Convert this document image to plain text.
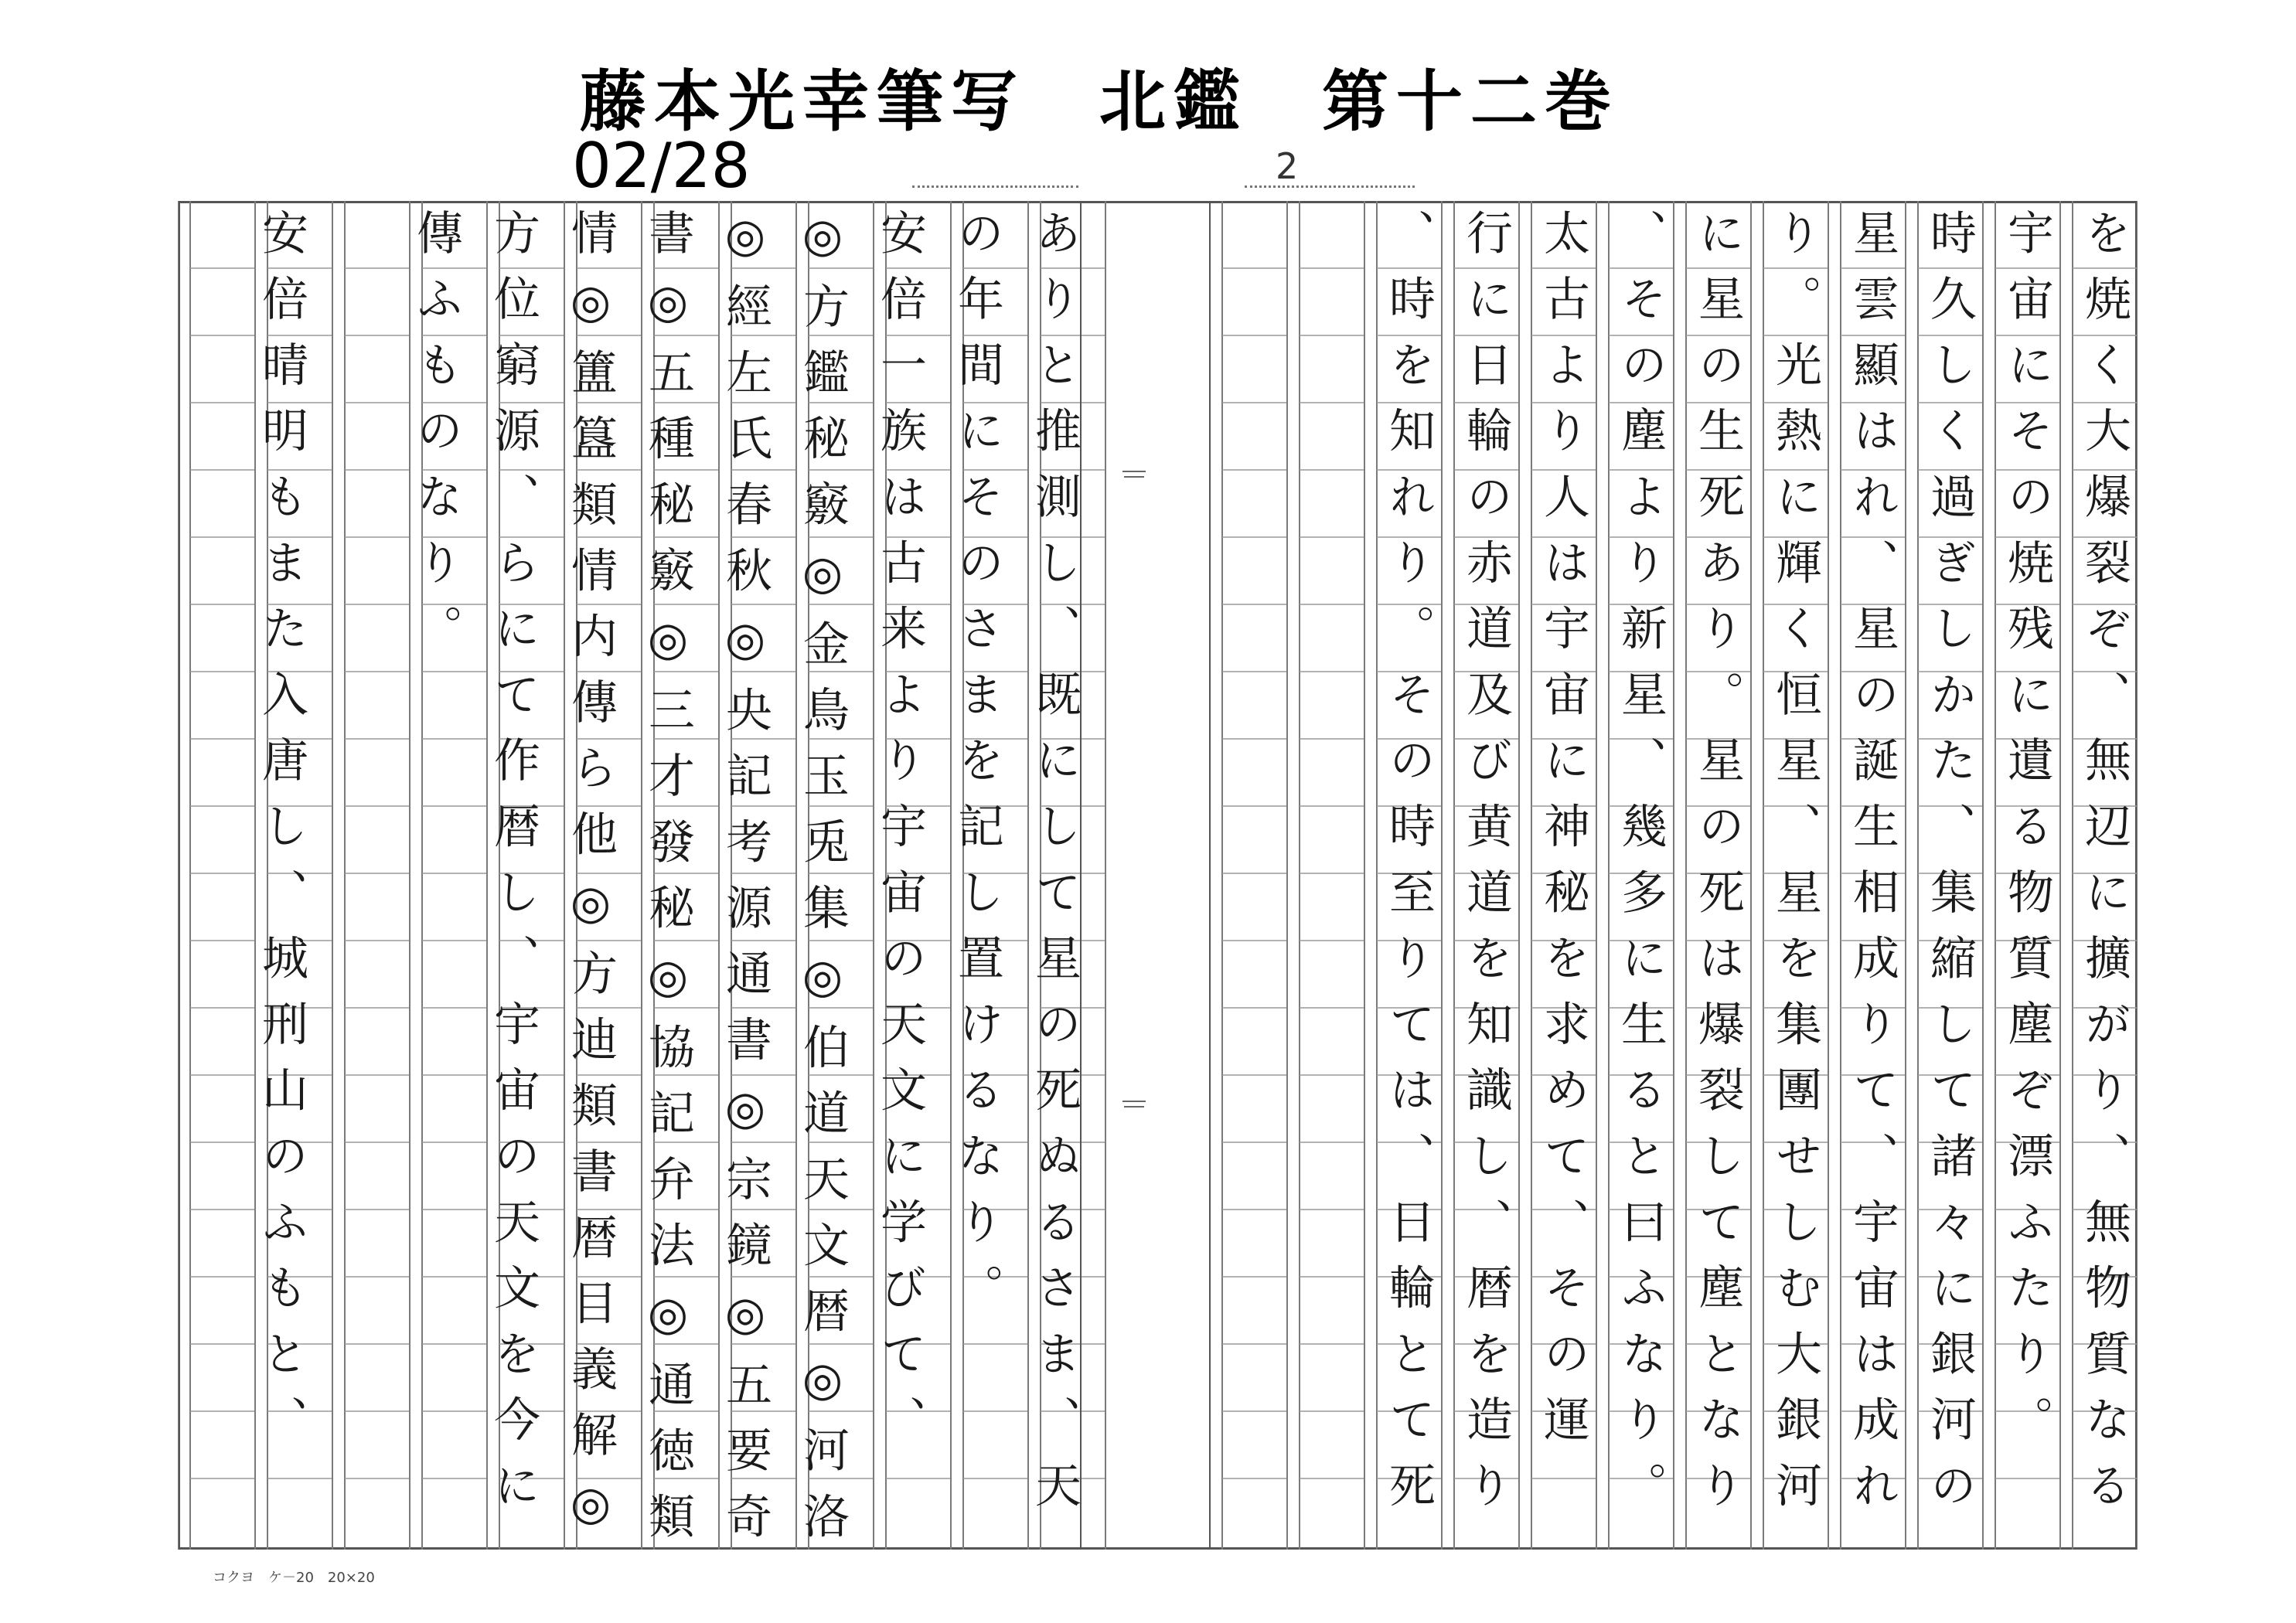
藤本光幸筆写　北鑑　第十二巻
02/28	2
を焼く大爆裂ぞ、無辺に擴がり、無物質なる
宇宙にその焼残に遺る物質塵ぞ漂ふたり。
時久しく過ぎしかた、集縮して諸々に銀河の
星雲顯はれ、星の誕生相成りて、宇宙は成れ
り。光熱に輝く恒星、星を集團せしむ大銀河
に星の生死あり。星の死は爆裂して塵となり
、その塵より新星、幾多に生ると曰ふなり。
太古より人は宇宙に神秘を求めて、その運
行に日輪の赤道及び黄道を知識し、暦を造り
、時を知れり。その時至りては、日輪とて死
ありと推測し、既にして星の死ぬるさま、天
の年間にそのさまを記し置けるなり。
安倍一族は古来より宇宙の天文に学びて、
◎方鑑秘竅◎金鳥玉兎集◎伯道天文暦◎河洛
◎經左氏春秋◎央記考源通書◎宗鏡◎五要奇
書◎五種秘竅◎三才發秘◎協記弁法◎通徳類
情◎簠簋類情内傳ら他◎方迪類書暦目義解◎
方位窮源、らにて作暦し、宇宙の天文を今に
傳ふものなり。
安倍晴明もまた入唐し、城刑山のふもと、
コクヨ　ケ－20　20×20
